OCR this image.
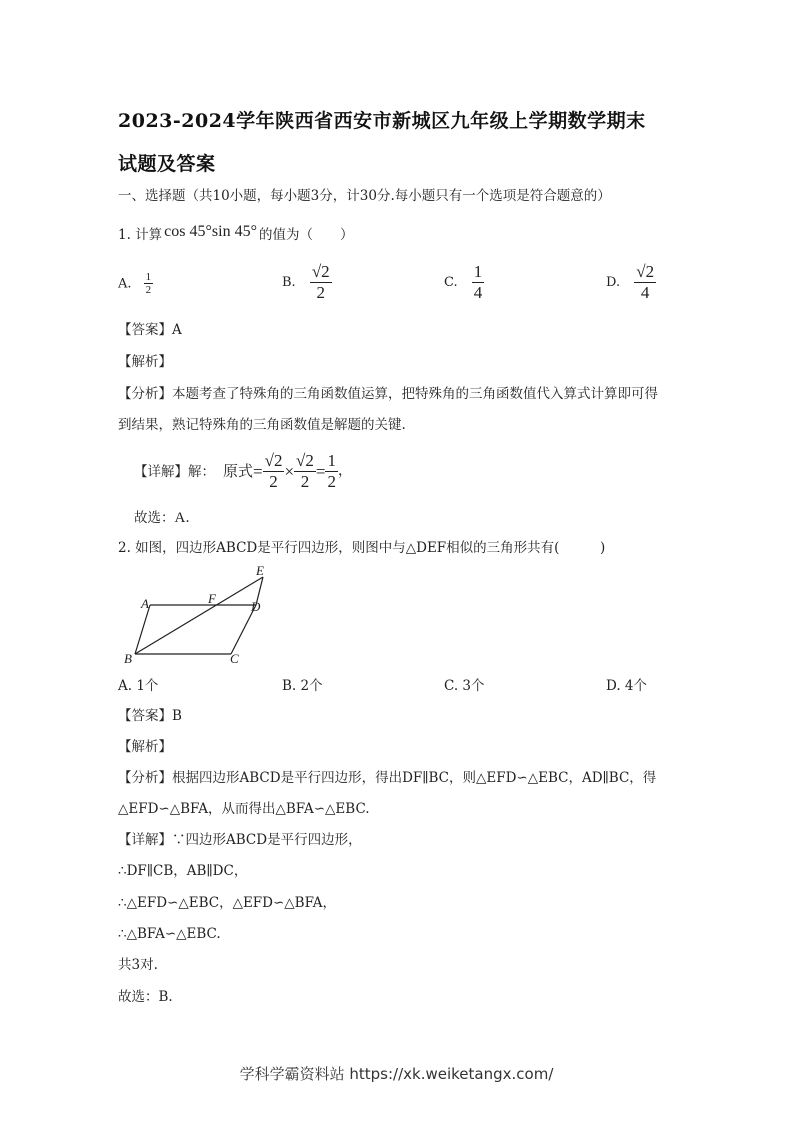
2023-2024学年陕西省西安市新城区九年级上学期数学期末
试题及答案
一、选择题（共10小题，每小题3分，计30分.每小题只有一个选项是符合题意的）
1. 计算 cos 45°sin 45° 的值为（　　）
A. $\frac{1}{2}$	B. $\frac{√2}{2}$	C. $\frac{1}{4}$	D. $\frac{√2}{4}$
【答案】A
【解析】
【分析】本题考查了特殊角的三角函数值运算，把特殊角的三角函数值代入算式计算即可得
到结果，熟记特殊角的三角函数值是解题的关键.
【详解】解： 原式 = $\frac{√2}{2} \times \frac{√2}{2} = \frac{1}{2}$ ，
故选：A.
2. 如图，四边形ABCD是平行四边形，则图中与△DEF相似的三角形共有(　　　)
A
B	C
D
E
F
A. 1个	B. 2个	C. 3个	D. 4个
【答案】B
【解析】
【分析】根据四边形ABCD是平行四边形，得出DF∥BC，则△EFD∽△EBC，AD∥BC，得
△EFD∽△BFA，从而得出△BFA∽△EBC.
【详解】∵四边形ABCD是平行四边形，
∴DF∥CB，AB∥DC，
∴△EFD∽△EBC，△EFD∽△BFA，
∴△BFA∽△EBC.
共3对.
故选：B.
学科学霸资料站 https://xk.weiketangx.com/
